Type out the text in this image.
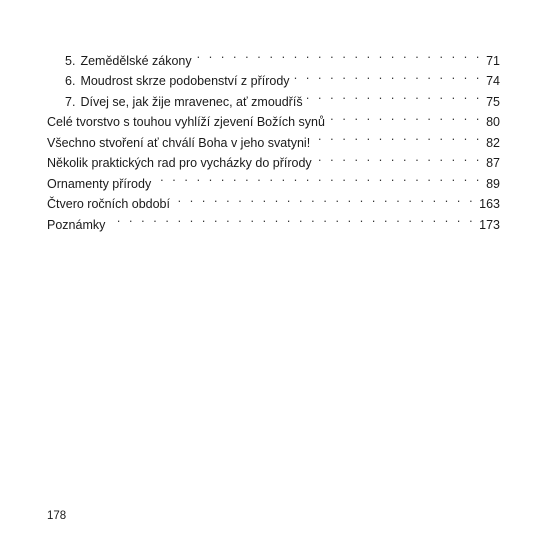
5. Zemědělské zákony . . .	71
6. Moudrost skrze podobenství z přírody . . .	74
7. Dívej se, jak žije mravenec, ať zmoudříš . . .	75
Celé tvorstvo s touhou vyhlíží zjevení Božích synů . . .	80
Všechno stvoření ať chválí Boha v jeho svatyni! . . .	82
Několik praktických rad pro vycházky do přírody . . .	87
Ornamenty přírody . . .	89
Čtvero ročních období . . .	163
Poznámky . . .	173
178
